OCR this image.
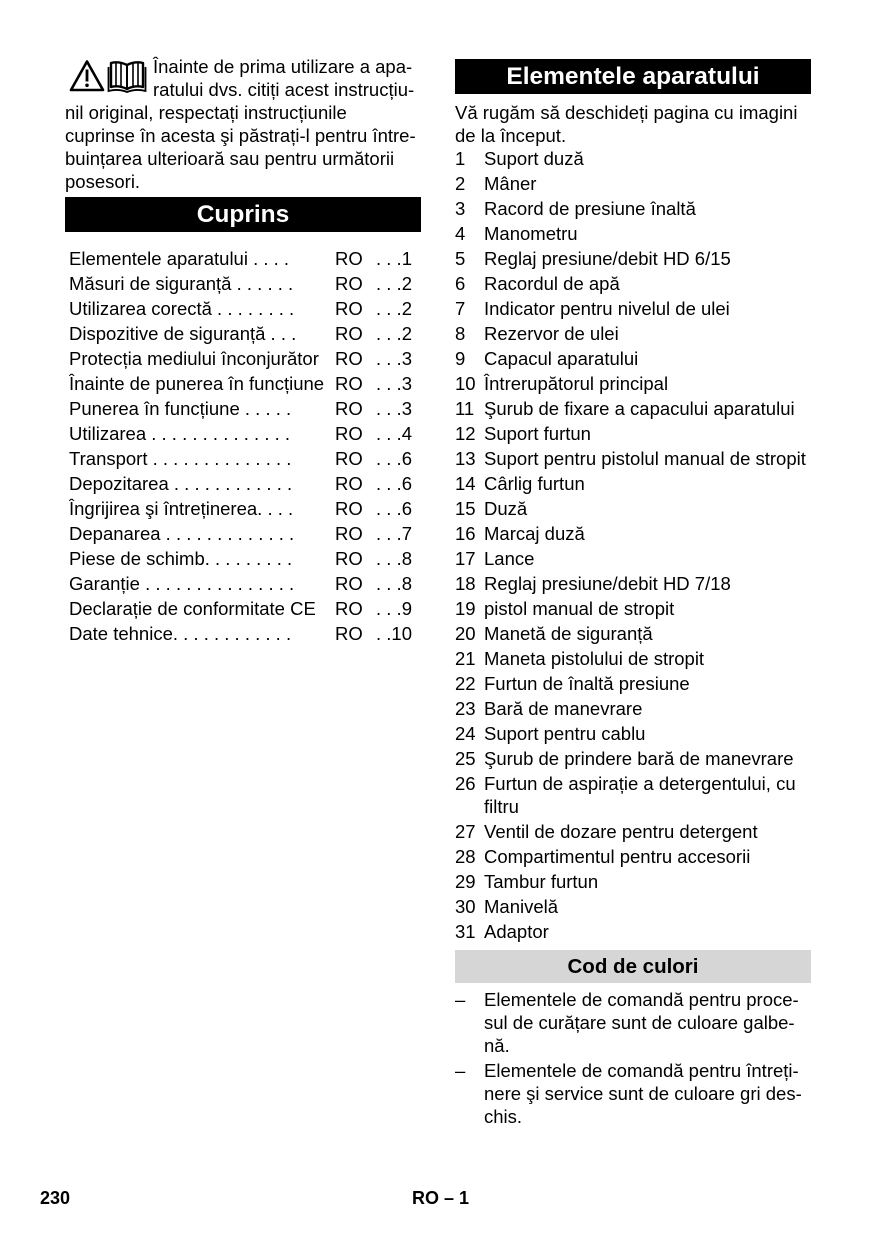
Înainte de prima utilizare a apa-
ratului dvs. citiți acest instrucțiu-
nil original, respectați instrucțiunile
cuprinse în acesta şi păstrați-l pentru între-
buințarea ulterioară sau pentru următorii
posesori.
Cuprins
Elementele aparatului . . . .	RO . . .1
Măsuri de siguranță . . . . . .	RO . . .2
Utilizarea corectă . . . . . . . .	RO . . .2
Dispozitive de siguranță . . .	RO . . .2
Protecția mediului înconjurător RO . . .3
Înainte de punerea în funcțiune RO . . .3
Punerea în funcțiune . . . . .	RO . . .3
Utilizarea . . . . . . . . . . . . . .	RO . . .4
Transport . . . . . . . . . . . . . .	RO . . .6
Depozitarea . . . . . . . . . . . .	RO . . .6
Îngrijirea şi întreținerea. . . .	RO . . .6
Depanarea . . . . . . . . . . . . .	RO . . .7
Piese de schimb. . . . . . . . .	RO . . .8
Garanție . . . . . . . . . . . . . . .	RO . . .8
Declarație de conformitate CE	RO . . .9
Date tehnice. . . . . . . . . . . .	RO . .10
Elementele aparatului
Vă rugăm să deschideți pagina cu imagini
de la început.
1	Suport duză
2	Mâner
3	Racord de presiune înaltă
4	Manometru
5	Reglaj presiune/debit HD 6/15
6	Racordul de apă
7	Indicator pentru nivelul de ulei
8	Rezervor de ulei
9	Capacul aparatului
10 Întrerupătorul principal
11 Şurub de fixare a capacului aparatului
12 Suport furtun
13 Suport pentru pistolul manual de stropit
14 Cârlig furtun
15 Duză
16 Marcaj duză
17 Lance
18 Reglaj presiune/debit HD 7/18
19 pistol manual de stropit
20 Manetă de siguranță
21 Maneta pistolului de stropit
22 Furtun de înaltă presiune
23 Bară de manevrare
24 Suport pentru cablu
25 Şurub de prindere bară de manevrare
26 Furtun de aspirație a detergentului, cu
filtru
27 Ventil de dozare pentru detergent
28 Compartimentul pentru accesorii
29 Tambur furtun
30 Manivelă
31 Adaptor
Cod de culori
–	Elementele de comandă pentru proce-
sul de curățare sunt de culoare galbe-
nă.
–	Elementele de comandă pentru întreți-
nere şi service sunt de culoare gri des-
chis.
230	RO – 1
